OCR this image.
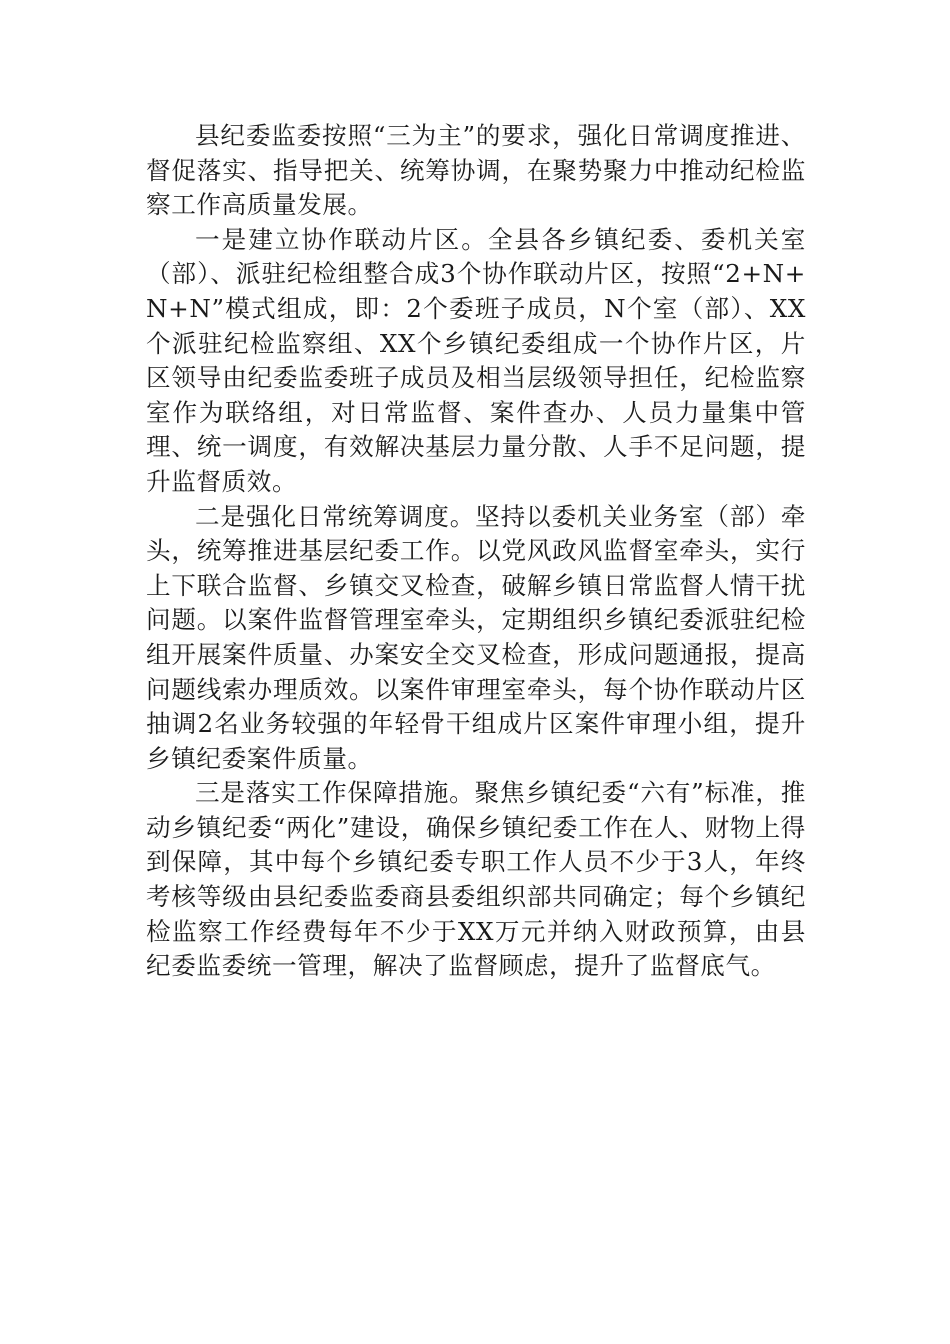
县纪委监委按照“三为主”的要求，强化日常调度推进、督促落实、指导把关、统筹协调，在聚势聚力中推动纪检监察工作高质量发展。

一是建立协作联动片区。全县各乡镇纪委、委机关室（部）、派驻纪检组整合成3个协作联动片区，按照“2+N+N+N”模式组成，即：2个委班子成员，N个室（部）、XX个派驻纪检监察组、XX个乡镇纪委组成一个协作片区，片区领导由纪委监委班子成员及相当层级领导担任，纪检监察室作为联络组，对日常监督、案件查办、人员力量集中管理、统一调度，有效解决基层力量分散、人手不足问题，提升监督质效。

二是强化日常统筹调度。坚持以委机关业务室（部）牵头，统筹推进基层纪委工作。以党风政风监督室牵头，实行上下联合监督、乡镇交叉检查，破解乡镇日常监督人情干扰问题。以案件监督管理室牵头，定期组织乡镇纪委派驻纪检组开展案件质量、办案安全交叉检查，形成问题通报，提高问题线索办理质效。以案件审理室牵头，每个协作联动片区抽调2名业务较强的年轻骨干组成片区案件审理小组，提升乡镇纪委案件质量。

三是落实工作保障措施。聚焦乡镇纪委“六有”标准，推动乡镇纪委“两化”建设，确保乡镇纪委工作在人、财物上得到保障，其中每个乡镇纪委专职工作人员不少于3人，年终考核等级由县纪委监委商县委组织部共同确定；每个乡镇纪检监察工作经费每年不少于XX万元并纳入财政预算，由县纪委监委统一管理，解决了监督顾虑，提升了监督底气。
